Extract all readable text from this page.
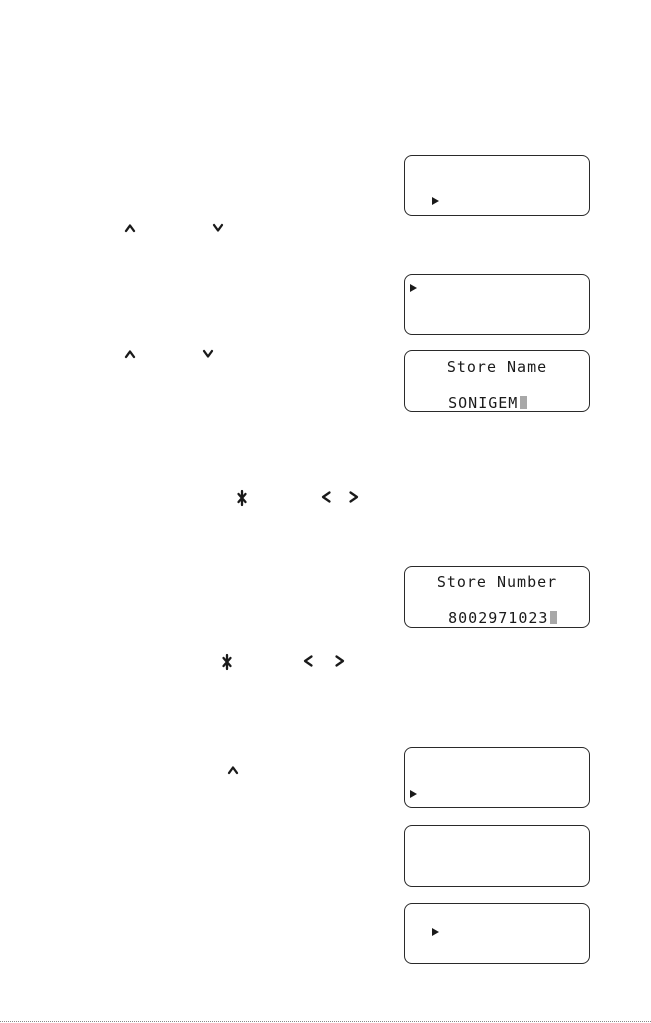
Store Name

SONIGEM

Store Number

8002971023
